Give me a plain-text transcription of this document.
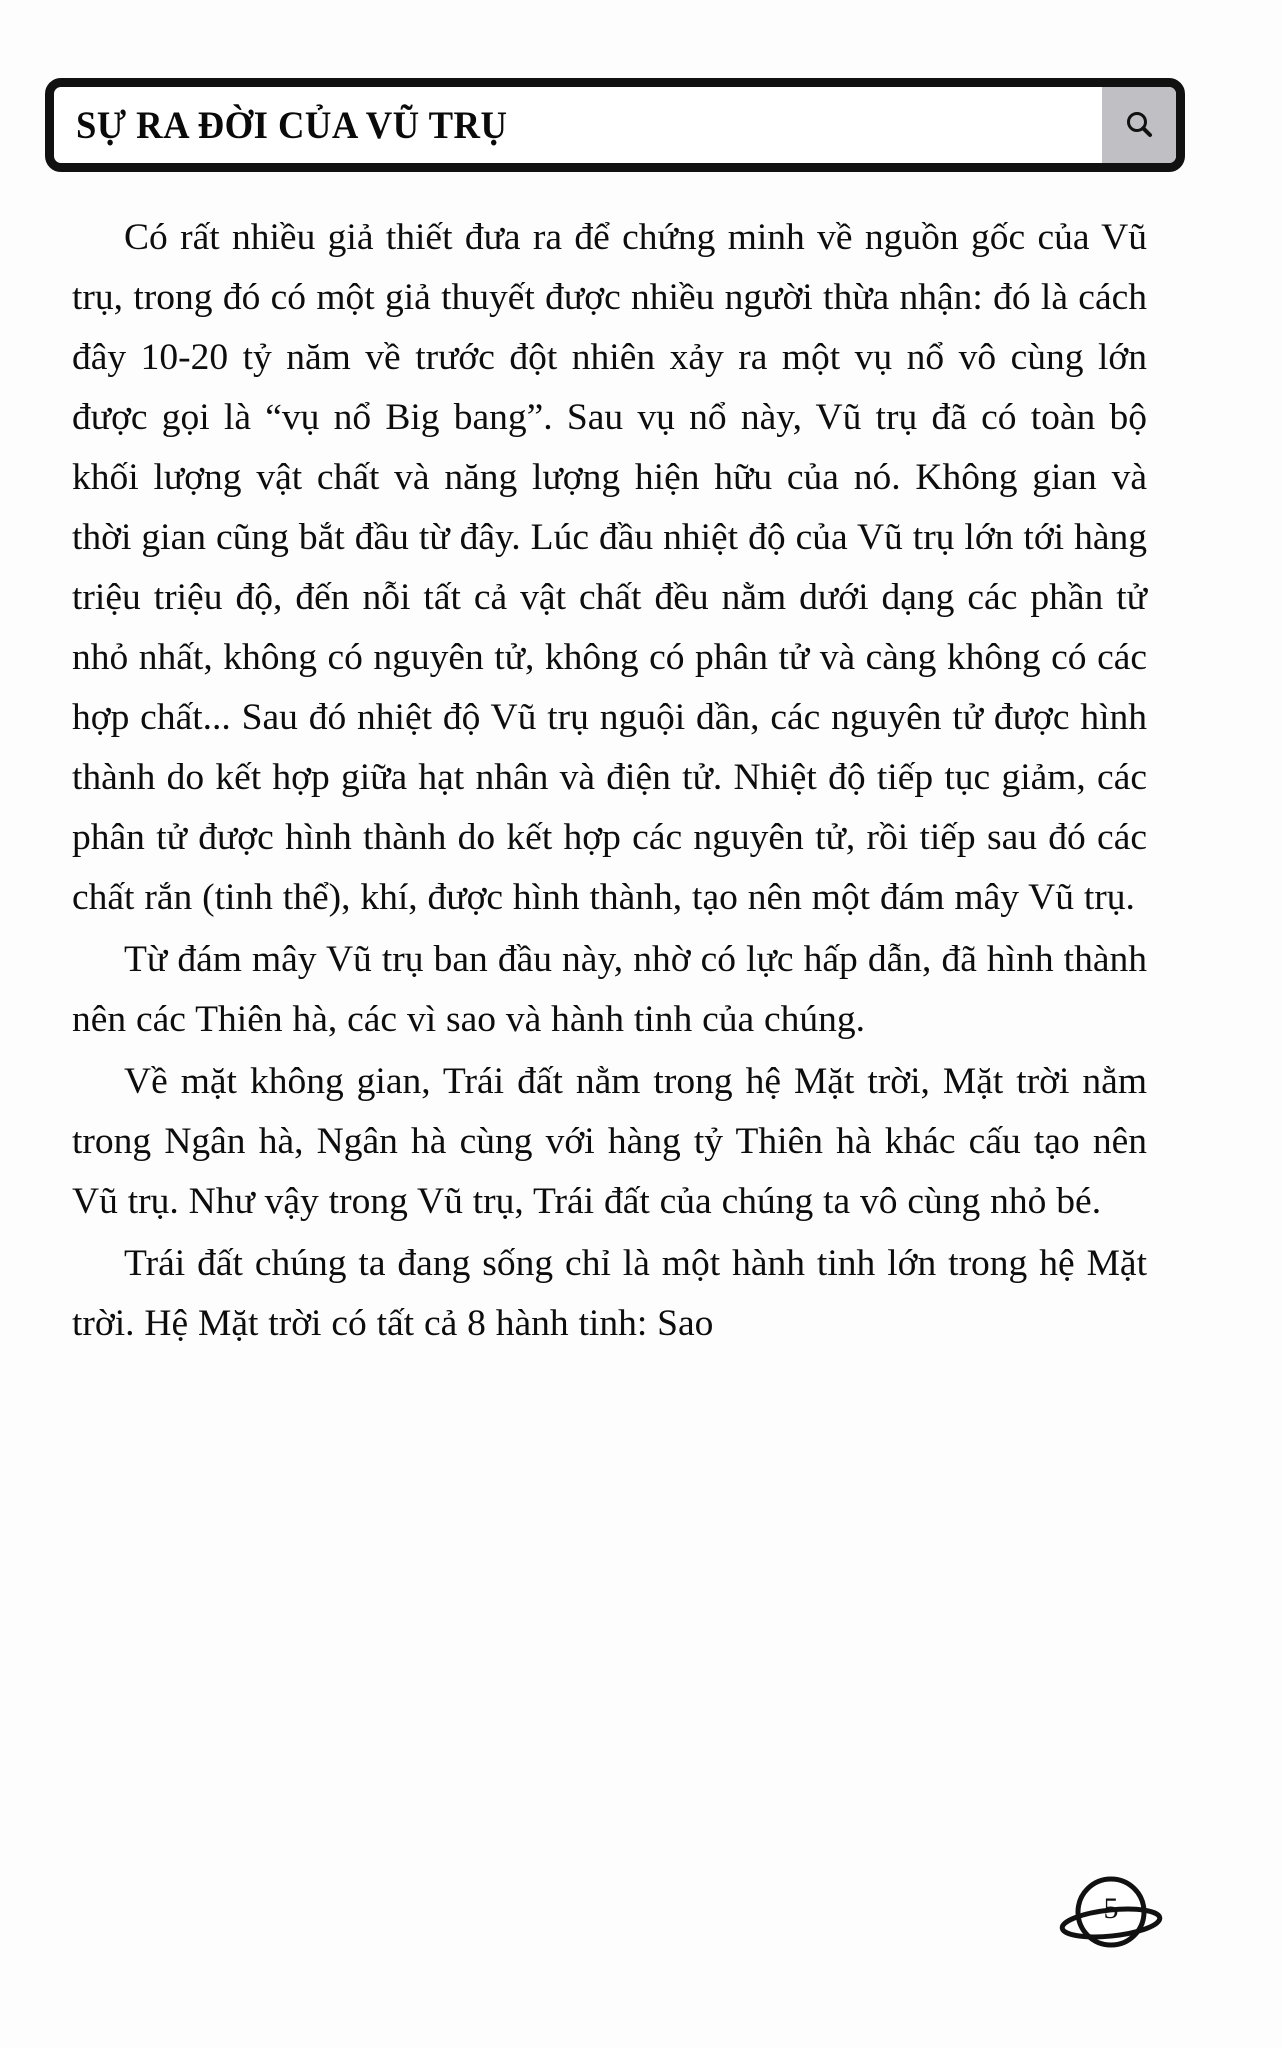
SỰ RA ĐỜI CỦA VŨ TRỤ

Có rất nhiều giả thiết đưa ra để chứng minh về nguồn gốc của Vũ trụ, trong đó có một giả thuyết được nhiều người thừa nhận: đó là cách đây 10-20 tỷ năm về trước đột nhiên xảy ra một vụ nổ vô cùng lớn được gọi là “vụ nổ Big bang”. Sau vụ nổ này, Vũ trụ đã có toàn bộ khối lượng vật chất và năng lượng hiện hữu của nó. Không gian và thời gian cũng bắt đầu từ đây. Lúc đầu nhiệt độ của Vũ trụ lớn tới hàng triệu triệu độ, đến nỗi tất cả vật chất đều nằm dưới dạng các phần tử nhỏ nhất, không có nguyên tử, không có phân tử và càng không có các hợp chất... Sau đó nhiệt độ Vũ trụ nguội dần, các nguyên tử được hình thành do kết hợp giữa hạt nhân và điện tử. Nhiệt độ tiếp tục giảm, các phân tử được hình thành do kết hợp các nguyên tử, rồi tiếp sau đó các chất rắn (tinh thể), khí, được hình thành, tạo nên một đám mây Vũ trụ.

Từ đám mây Vũ trụ ban đầu này, nhờ có lực hấp dẫn, đã hình thành nên các Thiên hà, các vì sao và hành tinh của chúng.

Về mặt không gian, Trái đất nằm trong hệ Mặt trời, Mặt trời nằm trong Ngân hà, Ngân hà cùng với hàng tỷ Thiên hà khác cấu tạo nên Vũ trụ. Như vậy trong Vũ trụ, Trái đất của chúng ta vô cùng nhỏ bé.

Trái đất chúng ta đang sống chỉ là một hành tinh lớn trong hệ Mặt trời. Hệ Mặt trời có tất cả 8 hành tinh: Sao

5
